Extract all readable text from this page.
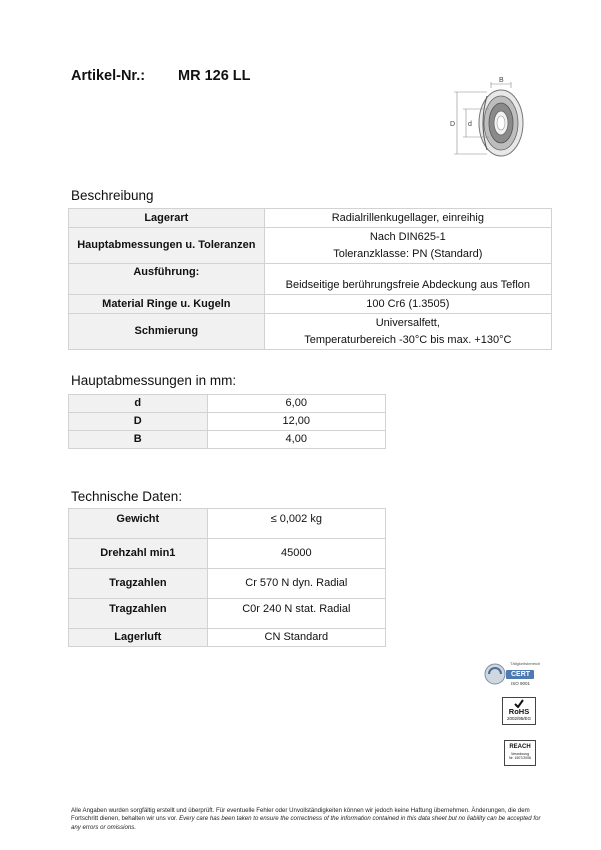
Artikel-Nr.: MR 126 LL	B
D d
Beschreibung
Lagerart	Radialrillenkugellager, einreihig
Hauptabmessungen u. Toleranzen	Nach DIN625-1
Toleranzklasse: PN (Standard)
Ausführung:	Beidseitige berührungsfreie Abdeckung aus Teflon
Material Ringe u. Kugeln	100 Cr6 (1.3505)
Schmierung	Universalfett,
Temperaturbereich -30°C bis max. +130°C
Hauptabmessungen in mm:
d	6,00
D	12,00
B	4,00
Technische Daten:
Gewicht	≤ 0,002 kg
Drehzahl min1	45000
Tragzahlen	Cr 570 N dyn. Radial
Tragzahlen	C0r 240 N stat. Radial
Lagerluft	CN Standard
Tätigkeitsbereich
CERT
ISO 9001
RoHS
2002/95/EG
REACH
Verordnung
Nr. 1907/2006
Alle Angaben wurden sorgfältig erstellt und überprüft. Für eventuelle Fehler oder Unvollständigkeiten können wir jedoch keine Haftung übernehmen. Änderungen, die dem Fortschritt dienen, behalten wir uns vor. Every care has been taken to ensure the correctness of the information contained in this data sheet but no liability can be accepted for any errors or omissions.
